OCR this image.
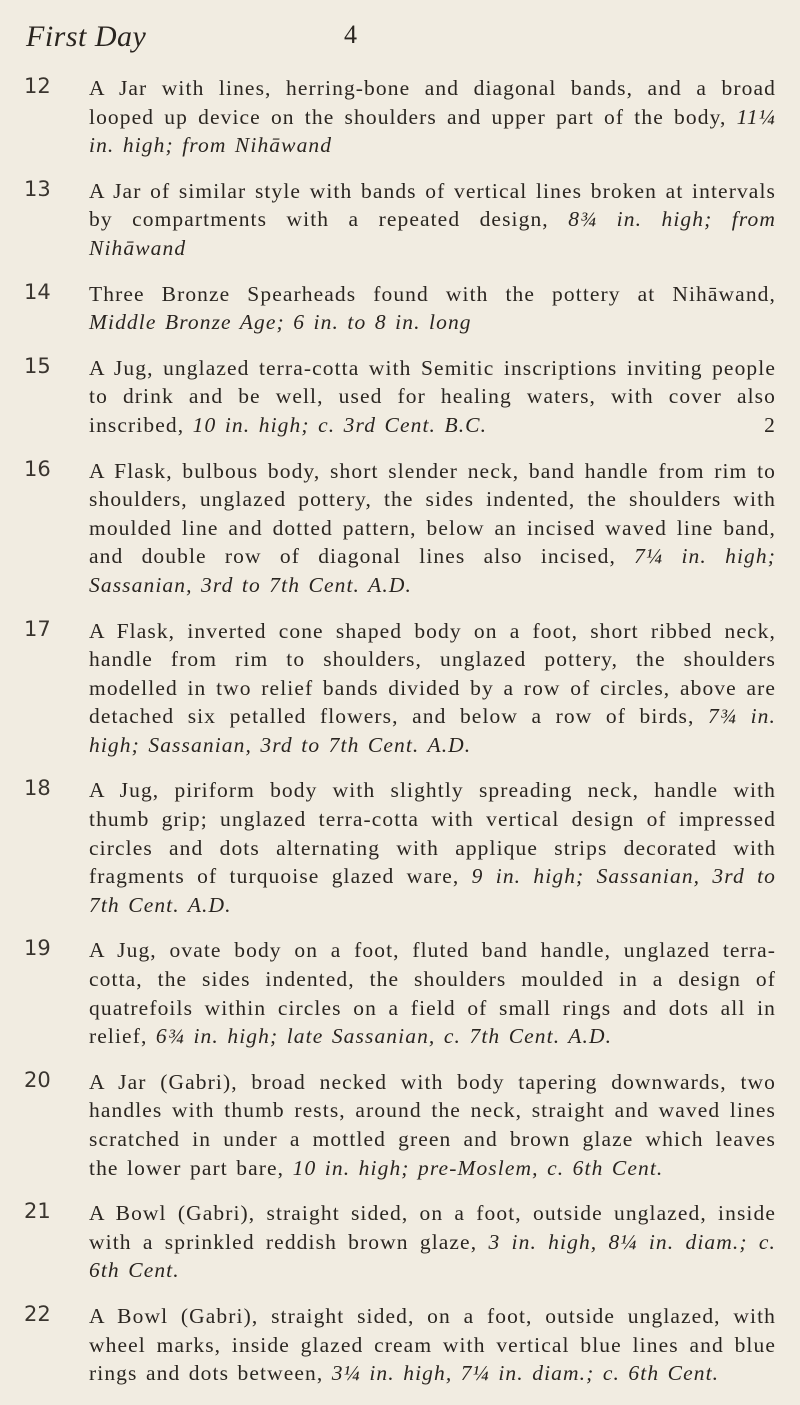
First Day	4
12	A Jar with lines, herring-bone and diagonal bands, and a broad looped up device on the shoulders and upper part of the body, 11¼ in. high; from Nihāwand
13	A Jar of similar style with bands of vertical lines broken at intervals by compartments with a repeated design, 8¾ in. high; from Nihāwand
14	Three Bronze Spearheads found with the pottery at Nihāwand, Middle Bronze Age; 6 in. to 8 in. long
15	A Jug, unglazed terra-cotta with Semitic inscriptions inviting people to drink and be well, used for healing waters, with cover also inscribed, 10 in. high; c. 3rd Cent. B.C.	2
16	A Flask, bulbous body, short slender neck, band handle from rim to shoulders, unglazed pottery, the sides indented, the shoulders with moulded line and dotted pattern, below an incised waved line band, and double row of diagonal lines also incised, 7¼ in. high; Sassanian, 3rd to 7th Cent. A.D.
17	A Flask, inverted cone shaped body on a foot, short ribbed neck, handle from rim to shoulders, unglazed pottery, the shoulders modelled in two relief bands divided by a row of circles, above are detached six petalled flowers, and below a row of birds, 7¾ in. high; Sassanian, 3rd to 7th Cent. A.D.
18	A Jug, piriform body with slightly spreading neck, handle with thumb grip; unglazed terra-cotta with vertical design of impressed circles and dots alternating with applique strips decorated with fragments of turquoise glazed ware, 9 in. high; Sassanian, 3rd to 7th Cent. A.D.
19	A Jug, ovate body on a foot, fluted band handle, unglazed terra-cotta, the sides indented, the shoulders moulded in a design of quatrefoils within circles on a field of small rings and dots all in relief, 6¾ in. high; late Sassanian, c. 7th Cent. A.D.
20	A Jar (Gabri), broad necked with body tapering downwards, two handles with thumb rests, around the neck, straight and waved lines scratched in under a mottled green and brown glaze which leaves the lower part bare, 10 in. high; pre-Moslem, c. 6th Cent.
21	A Bowl (Gabri), straight sided, on a foot, outside unglazed, inside with a sprinkled reddish brown glaze, 3 in. high, 8¼ in. diam.; c. 6th Cent.
22	A Bowl (Gabri), straight sided, on a foot, outside unglazed, with wheel marks, inside glazed cream with vertical blue lines and blue rings and dots between, 3¼ in. high, 7¼ in. diam.; c. 6th Cent.
